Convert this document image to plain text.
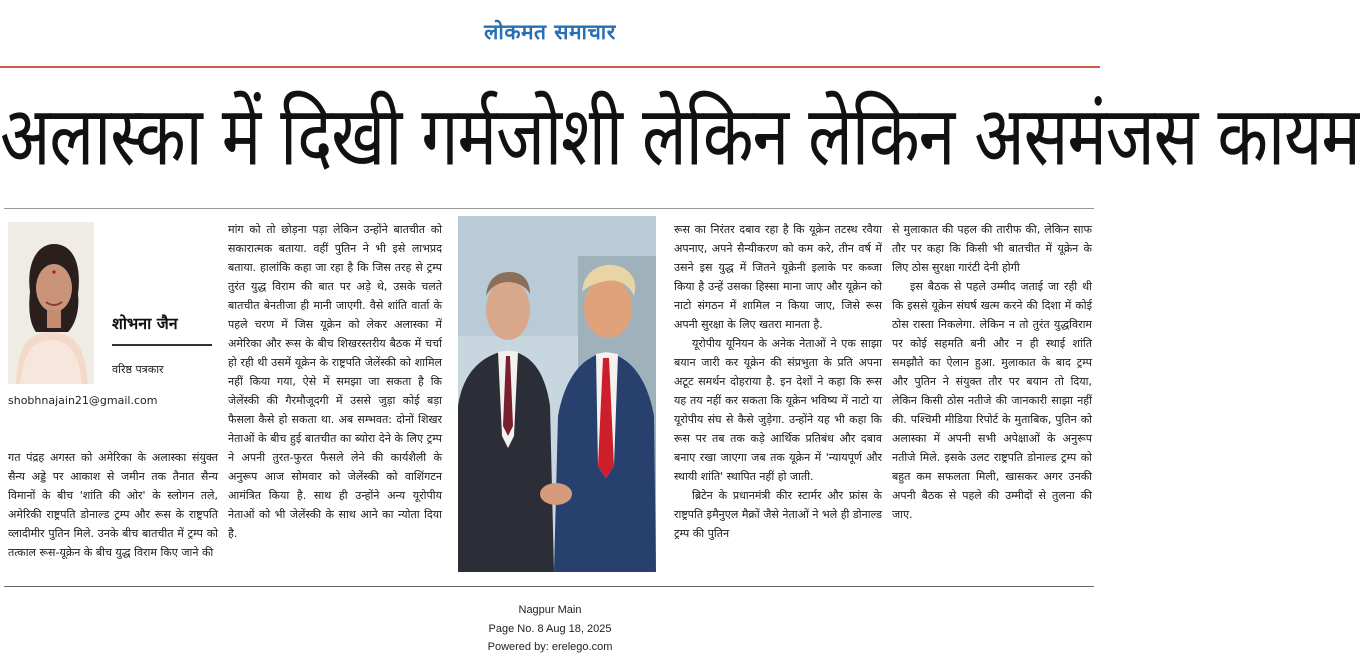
लोकमत समाचार
अलास्का में दिखी गर्मजोशी लेकिन लेकिन असमंजस कायम
शोभना जैन
वरिष्ठ पत्रकार
shobhnajain21@gmail.com

गत पंद्रह अगस्त को अमेरिका के अलास्का संयुक्त सैन्य अड्डे पर आकाश से जमीन तक तैनात सैन्य विमानों के बीच 'शांति की ओर' के स्लोगन तले, अमेरिकी राष्ट्रपति डोनाल्ड ट्रम्प और रूस के राष्ट्रपति व्लादीमीर पुतिन मिले. उनके बीच बातचीत में ट्रम्प को तत्काल रूस-यूक्रेन के बीच युद्ध विराम किए जाने की

मांग को तो छोड़ना पड़ा लेकिन उन्होंने बातचीत को सकारात्मक बताया. वहीं पुतिन ने भी इसे लाभप्रद बताया. हालांकि कहा जा रहा है कि जिस तरह से ट्रम्प तुरंत युद्ध विराम की बात पर अड़े थे, उसके चलते बातचीत बेनतीजा ही मानी जाएगी. वैसे शांति वार्ता के पहले चरण में जिस यूक्रेन को लेकर अलास्का में अमेरिका और रूस के बीच शिखरस्तरीय बैठक में चर्चा हो रही थी उसमें यूक्रेन के राष्ट्रपति जेलेंस्की को शामिल नहीं किया गया, ऐसे में समझा जा सकता है कि जेलेंस्की की गैरमौजूदगी में उससे जुड़ा कोई बड़ा फैसला कैसे हो सकता था. अब सम्भवत: दोनों शिखर नेताओं के बीच हुई बातचीत का ब्योरा देने के लिए ट्रम्प ने अपनी तुरत-फुरत फैसले लेने की कार्यशैली के अनुरूप आज सोमवार को जेलेंस्की को वाशिंगटन आमंत्रित किया है. साथ ही उन्होंने अन्य यूरोपीय नेताओं को भी जेलेंस्की के साथ आने का न्योता दिया है.

रूस का निरंतर दबाव रहा है कि यूक्रेन तटस्थ रवैया अपनाए, अपने सैन्यीकरण को कम करे, तीन वर्ष में उसने इस युद्ध में जितने यूक्रेनी इलाके पर कब्जा किया है उन्हें उसका हिस्सा माना जाए और यूक्रेन को नाटो संगठन में शामिल न किया जाए, जिसे रूस अपनी सुरक्षा के लिए खतरा मानता है.

यूरोपीय यूनियन के अनेक नेताओं ने एक साझा बयान जारी कर यूक्रेन की संप्रभुता के प्रति अपना अटूट समर्थन दोहराया है. इन देशों ने कहा कि रूस यह तय नहीं कर सकता कि यूक्रेन भविष्य में नाटो या यूरोपीय संघ से कैसे जुड़ेगा. उन्होंने यह भी कहा कि रूस पर तब तक कड़े आर्थिक प्रतिबंध और दबाव बनाए रखा जाएगा जब तक यूक्रेन में 'न्यायपूर्ण और स्थायी शांति' स्थापित नहीं हो जाती.

ब्रिटेन के प्रधानमंत्री कीर स्टार्मर और फ्रांस के राष्ट्रपति इमैनुएल मैक्रों जैसे नेताओं ने भले ही डोनाल्ड ट्रम्प की पुतिन

से मुलाकात की पहल की तारीफ की, लेकिन साफ तौर पर कहा कि किसी भी बातचीत में यूक्रेन के लिए ठोस सुरक्षा गारंटी देनी होगी

इस बैठक से पहले उम्मीद जताई जा रही थी कि इससे यूक्रेन संघर्ष खत्म करने की दिशा में कोई ठोस रास्ता निकलेगा. लेकिन न तो तुरंत युद्धविराम पर कोई सहमति बनी और न ही स्थाई शांति समझौते का ऐलान हुआ. मुलाकात के बाद ट्रम्प और पुतिन ने संयुक्त तौर पर बयान तो दिया, लेकिन किसी ठोस नतीजे की जानकारी साझा नहीं की. पश्चिमी मीडिया रिपोर्ट के मुताबिक, पुतिन को अलास्का में अपनी सभी अपेक्षाओं के अनुरूप नतीजे मिले. इसके उलट राष्ट्रपति डोनाल्ड ट्रम्प को बहुत कम सफलता मिली, खासकर अगर उनकी अपनी बैठक से पहले की उम्मीदों से तुलना की जाए.

Nagpur Main
Page No. 8 Aug 18, 2025
Powered by: erelego.com
